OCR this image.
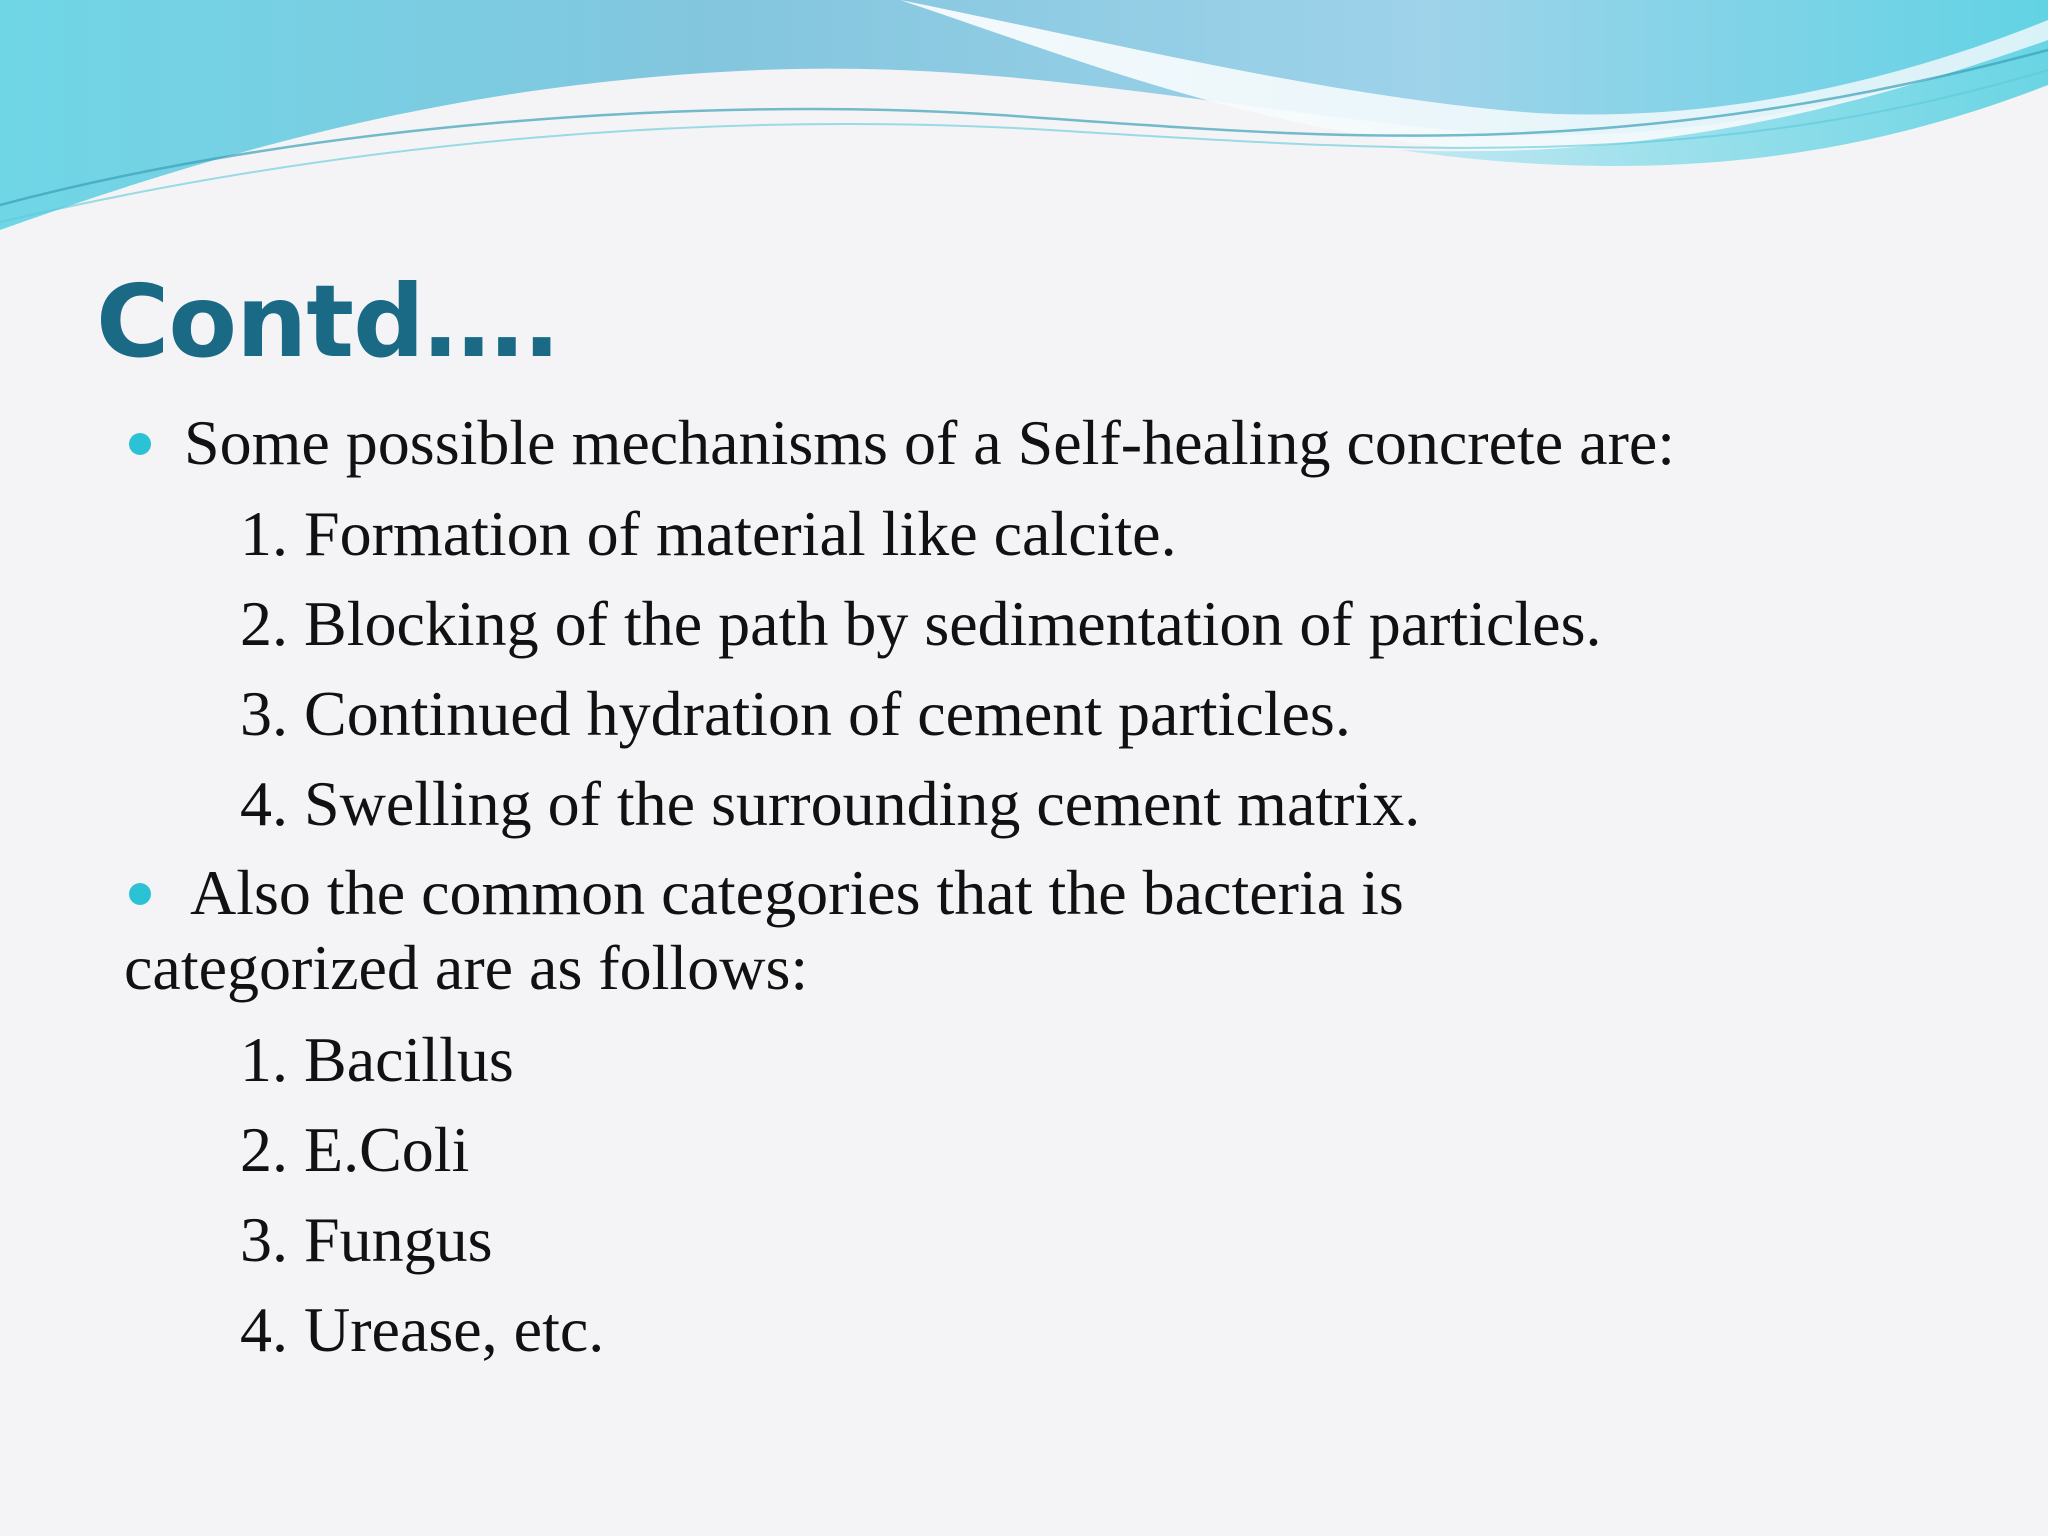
Contd….

Some possible mechanisms of a Self-healing concrete are:

1. Formation of material like calcite.

2. Blocking of the path by sedimentation of particles.

3. Continued hydration of cement particles.

4. Swelling of the surrounding cement matrix.

Also the common categories that the bacteria is

categorized are as follows:

1. Bacillus

2. E.Coli

3. Fungus

4. Urease, etc.
